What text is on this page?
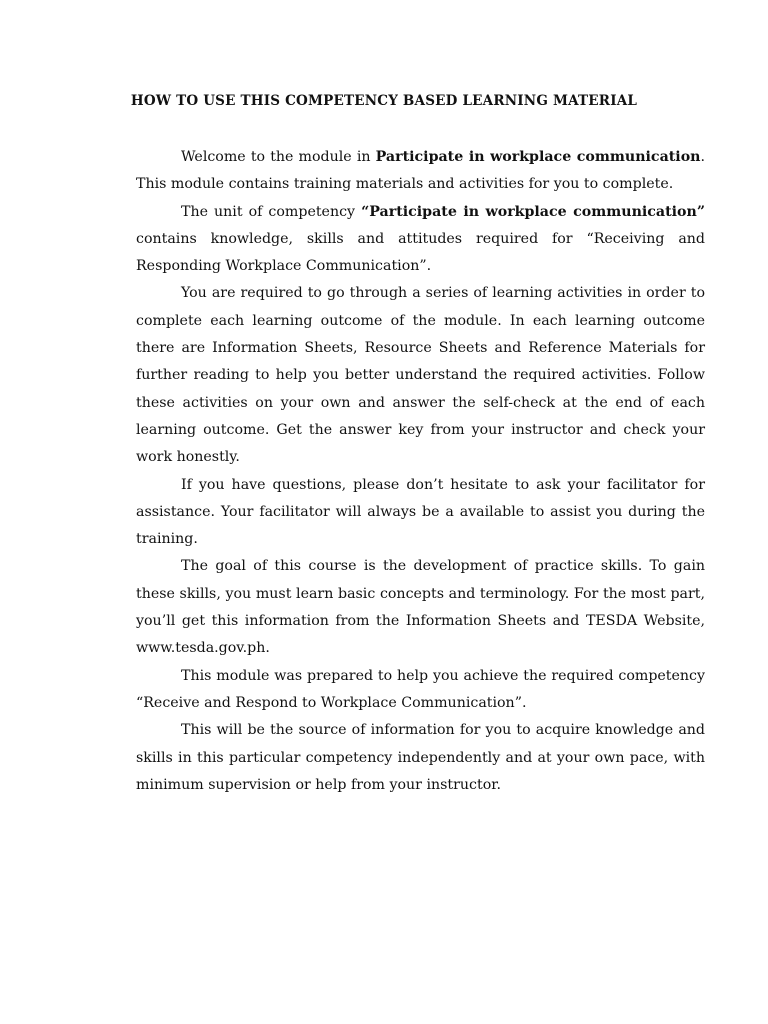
HOW TO USE THIS COMPETENCY BASED LEARNING MATERIAL

Welcome to the module in Participate in workplace communication. This module contains training materials and activities for you to complete.

The unit of competency “Participate in workplace communication” contains knowledge, skills and attitudes required for “Receiving and Responding Workplace Communication”.

You are required to go through a series of learning activities in order to complete each learning outcome of the module. In each learning outcome there are Information Sheets, Resource Sheets and Reference Materials for further reading to help you better understand the required activities. Follow these activities on your own and answer the self-check at the end of each learning outcome. Get the answer key from your instructor and check your work honestly.

If you have questions, please don’t hesitate to ask your facilitator for assistance. Your facilitator will always be a available to assist you during the training.

The goal of this course is the development of practice skills. To gain these skills, you must learn basic concepts and terminology. For the most part, you’ll get this information from the Information Sheets and TESDA Website, www.tesda.gov.ph.

This module was prepared to help you achieve the required competency “Receive and Respond to Workplace Communication”.

This will be the source of information for you to acquire knowledge and skills in this particular competency independently and at your own pace, with minimum supervision or help from your instructor.
